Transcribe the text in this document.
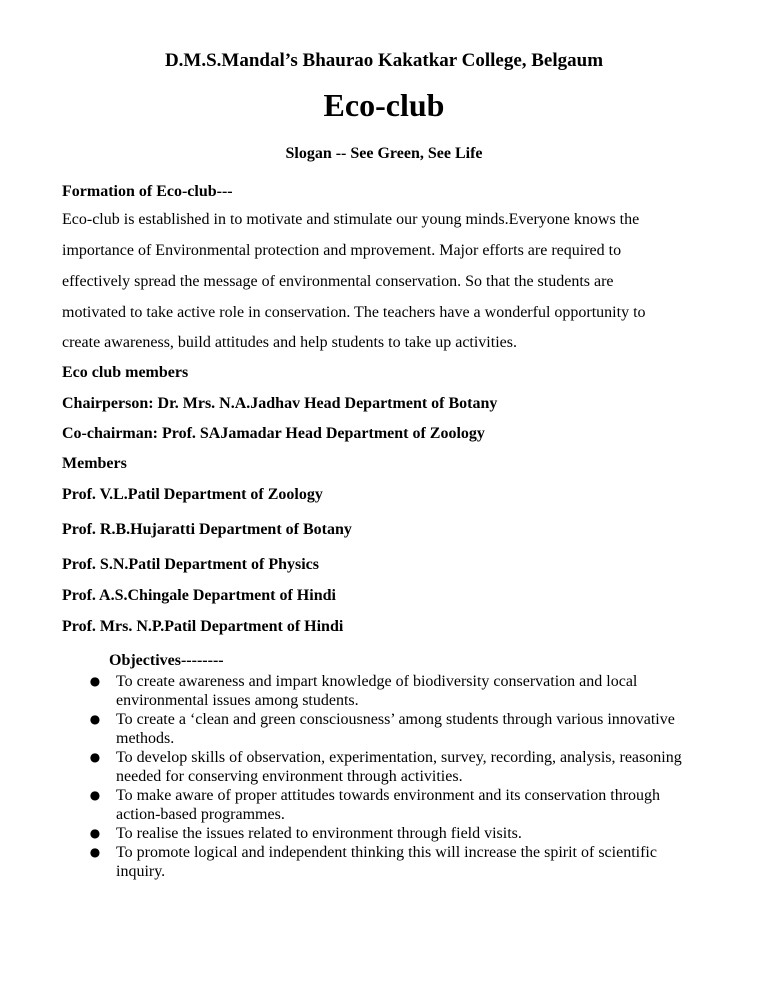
D.M.S.Mandal’s Bhaurao Kakatkar College, Belgaum
Eco-club
Slogan -- See Green, See Life
Formation of Eco-club---
Eco-club is established in to motivate and stimulate our young minds.Everyone knows the
importance of Environmental protection and mprovement. Major efforts are required to
effectively spread the message of environmental conservation. So that the students are
motivated to take active role in conservation. The teachers have a wonderful opportunity to
create awareness, build attitudes and help students to take up activities.
Eco club members
Chairperson: Dr. Mrs. N.A.Jadhav Head Department of Botany
Co-chairman: Prof. SAJamadar Head Department of Zoology
Members
Prof. V.L.Patil Department of Zoology
Prof. R.B.Hujaratti Department of Botany
Prof. S.N.Patil Department of Physics
Prof. A.S.Chingale Department of Hindi
Prof. Mrs. N.P.Patil Department of Hindi
Objectives--------
● To create awareness and impart knowledge of biodiversity conservation and local environmental issues among students.
● To create a ‘clean and green consciousness’ among students through various innovative methods.
● To develop skills of observation, experimentation, survey, recording, analysis, reasoning needed for conserving environment through activities.
● To make aware of proper attitudes towards environment and its conservation through action-based programmes.
● To realise the issues related to environment through field visits.
● To promote logical and independent thinking this will increase the spirit of scientific inquiry.
